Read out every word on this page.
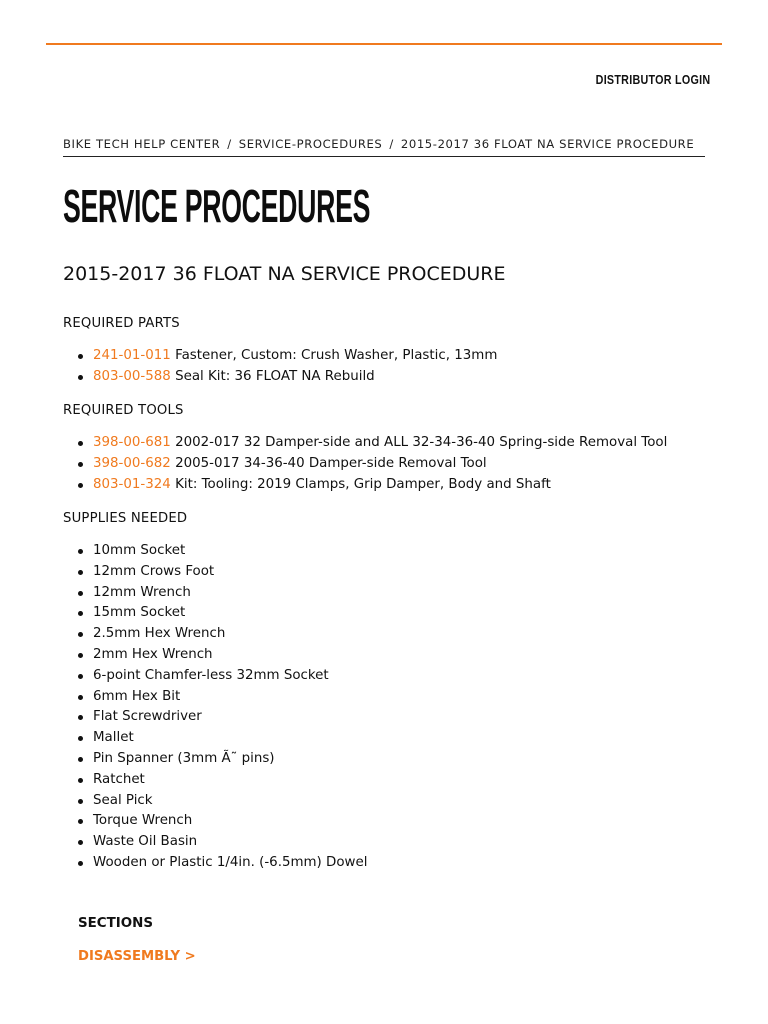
DISTRIBUTOR LOGIN
BIKE TECH HELP CENTER / SERVICE-PROCEDURES / 2015-2017 36 FLOAT NA SERVICE PROCEDURE
SERVICE PROCEDURES
2015-2017 36 FLOAT NA SERVICE PROCEDURE
REQUIRED PARTS
241-01-011 Fastener, Custom: Crush Washer, Plastic, 13mm
803-00-588 Seal Kit: 36 FLOAT NA Rebuild
REQUIRED TOOLS
398-00-681 2002-017 32 Damper-side and ALL 32-34-36-40 Spring-side Removal Tool
398-00-682 2005-017 34-36-40 Damper-side Removal Tool
803-01-324 Kit: Tooling: 2019 Clamps, Grip Damper, Body and Shaft
SUPPLIES NEEDED
10mm Socket
12mm Crows Foot
12mm Wrench
15mm Socket
2.5mm Hex Wrench
2mm Hex Wrench
6-point Chamfer-less 32mm Socket
6mm Hex Bit
Flat Screwdriver
Mallet
Pin Spanner (3mm Ã˜ pins)
Ratchet
Seal Pick
Torque Wrench
Waste Oil Basin
Wooden or Plastic 1/4in. (-6.5mm) Dowel
SECTIONS
DISASSEMBLY >
